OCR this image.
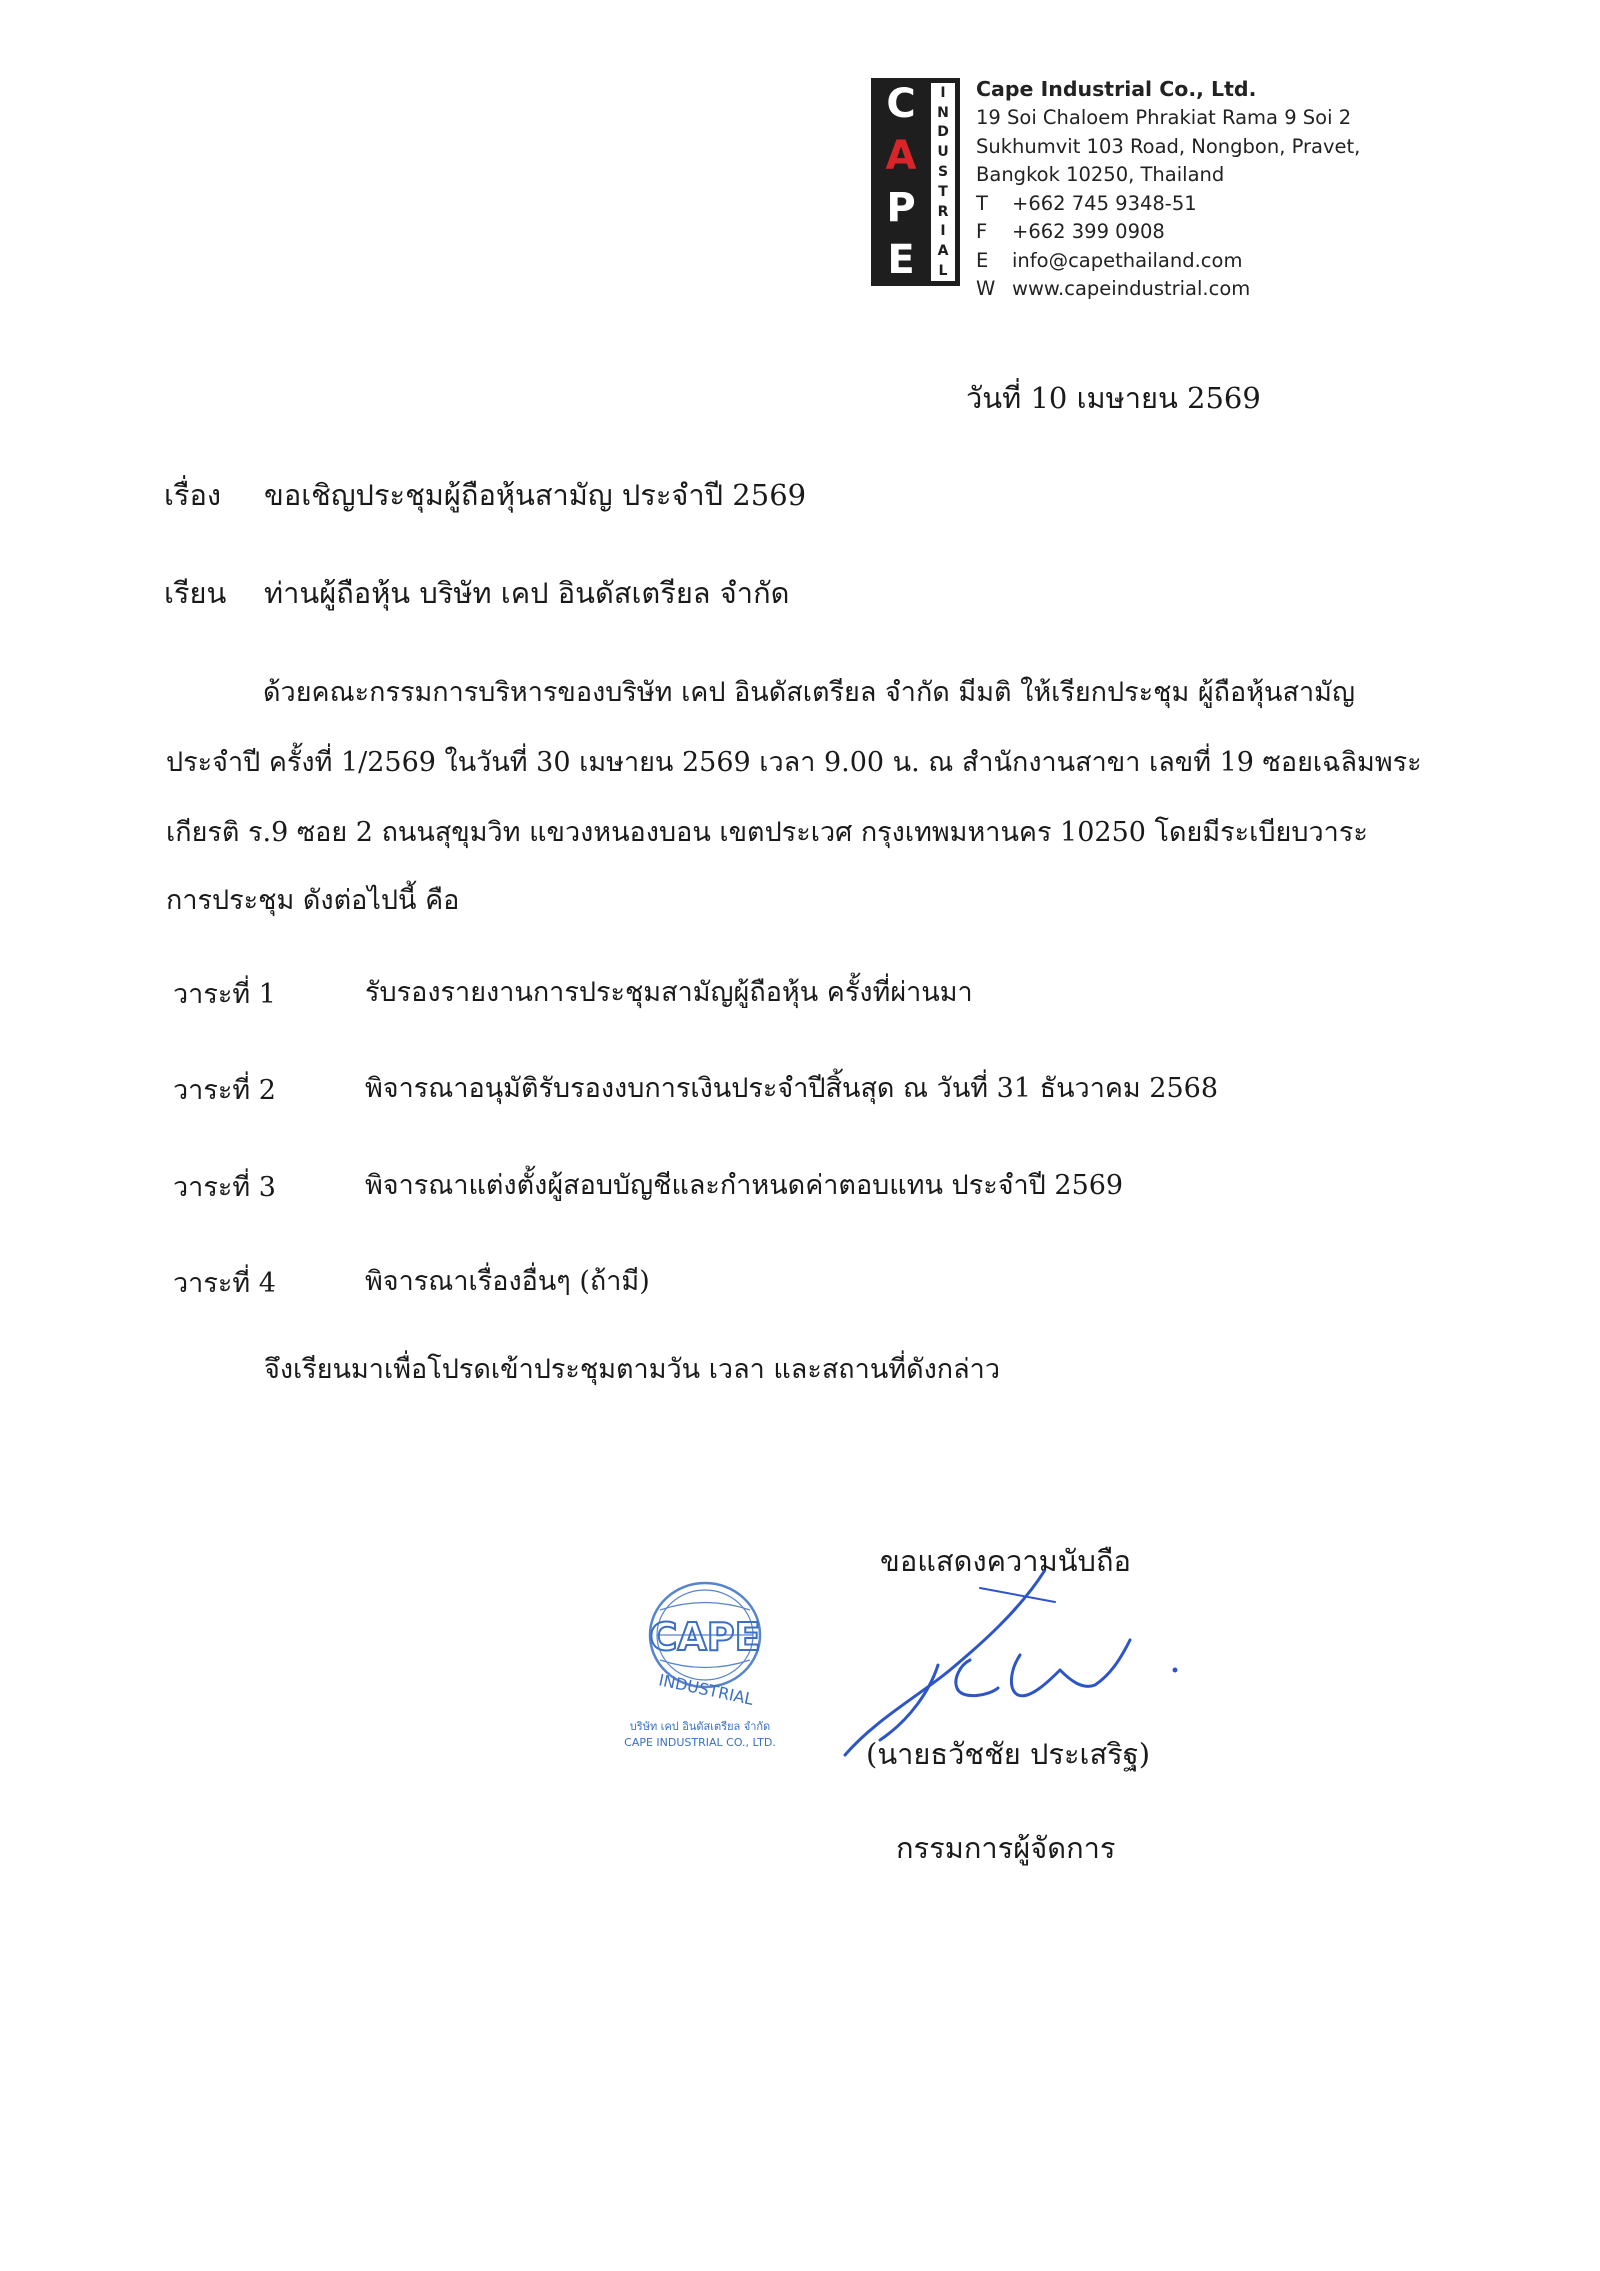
C
A
P
E
I
N
D
U
S
T
R
I
A
L
Cape Industrial Co., Ltd.
19 Soi Chaloem Phrakiat Rama 9 Soi 2
Sukhumvit 103 Road, Nongbon, Pravet,
Bangkok 10250, Thailand
T	+662 745 9348-51
F	+662 399 0908
E	info@capethailand.com
W www.capeindustrial.com
วันที่ 10 เมษายน 2569
เรื่อง ขอเชิญประชุมผู้ถือหุ้นสามัญ ประจำปี 2569
เรียน ท่านผู้ถือหุ้น บริษัท เคป อินดัสเตรียล จำกัด
ด้วยคณะกรรมการบริหารของบริษัท เคป อินดัสเตรียล จำกัด มีมติ ให้เรียกประชุม ผู้ถือหุ้นสามัญ
ประจำปี ครั้งที่ 1/2569 ในวันที่ 30 เมษายน 2569 เวลา 9.00 น. ณ สำนักงานสาขา เลขที่ 19 ซอยเฉลิมพระ
เกียรติ ร.9 ซอย 2 ถนนสุขุมวิท แขวงหนองบอน เขตประเวศ กรุงเทพมหานคร 10250 โดยมีระเบียบวาระ
การประชุม ดังต่อไปนี้ คือ
วาระที่ 1	รับรองรายงานการประชุมสามัญผู้ถือหุ้น ครั้งที่ผ่านมา
วาระที่ 2	พิจารณาอนุมัติรับรองงบการเงินประจำปีสิ้นสุด ณ วันที่ 31 ธันวาคม 2568
วาระที่ 3	พิจารณาแต่งตั้งผู้สอบบัญชีและกำหนดค่าตอบแทน ประจำปี 2569
วาระที่ 4	พิจารณาเรื่องอื่นๆ (ถ้ามี)
จึงเรียนมาเพื่อโปรดเข้าประชุมตามวัน เวลา และสถานที่ดังกล่าว
ขอแสดงความนับถือ
CAPE
INDUSTRIAL
บริษัท เคป อินดัสเตรียล จำกัด
CAPE INDUSTRIAL CO., LTD.	(นายธวัชชัย ประเสริฐ)
กรรมการผู้จัดการ
